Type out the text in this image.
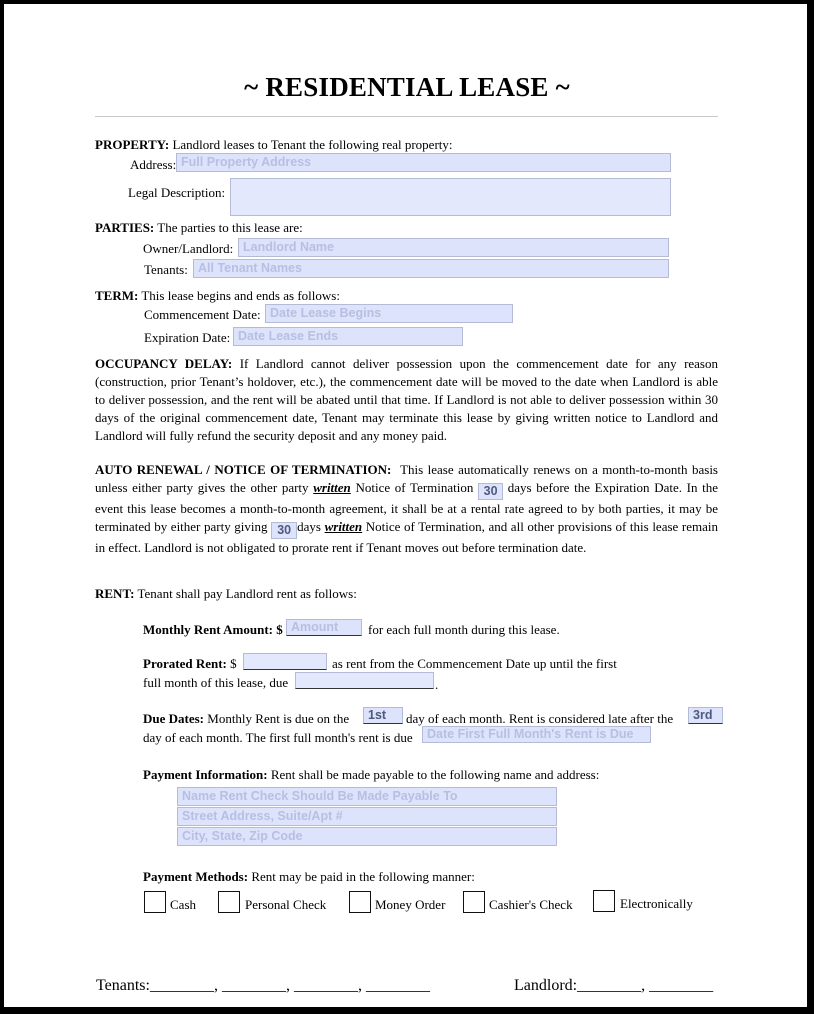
~ RESIDENTIAL LEASE ~
PROPERTY: Landlord leases to Tenant the following real property:
Address: Full Property Address
Legal Description:
PARTIES: The parties to this lease are:
Owner/Landlord: Landlord Name
Tenants: All Tenant Names
TERM: This lease begins and ends as follows:
Commencement Date: Date Lease Begins
Expiration Date: Date Lease Ends
OCCUPANCY DELAY: If Landlord cannot deliver possession upon the commencement date for any reason (construction, prior Tenant’s holdover, etc.), the commencement date will be moved to the date when Landlord is able to deliver possession, and the rent will be abated until that time. If Landlord is not able to deliver possession within 30 days of the original commencement date, Tenant may terminate this lease by giving written notice to Landlord and Landlord will fully refund the security deposit and any money paid.
AUTO RENEWAL / NOTICE OF TERMINATION: This lease automatically renews on a month-to-month basis unless either party gives the other party written Notice of Termination 30 days before the Expiration Date. In the event this lease becomes a month-to-month agreement, it shall be at a rental rate agreed to by both parties, it may be terminated by either party giving 30 days written Notice of Termination, and all other provisions of this lease remain in effect. Landlord is not obligated to prorate rent if Tenant moves out before termination date.
RENT: Tenant shall pay Landlord rent as follows:
Monthly Rent Amount: $ Amount	for each full month during this lease.
Prorated Rent: $	as rent from the Commencement Date up until the first
full month of this lease, due	.
Due Dates: Monthly Rent is due on the	1st	day of each month. Rent is considered late after the	3rd
day of each month. The first full month's rent is due	Date First Full Month's Rent is Due
Payment Information: Rent shall be made payable to the following name and address:
Name Rent Check Should Be Made Payable To
Street Address, Suite/Apt #
City, State, Zip Code
Payment Methods: Rent may be paid in the following manner:
Cash	Personal Check	Money Order	Cashier's Check	Electronically
Tenants:________, ________, ________, ________	Landlord:________, ________
